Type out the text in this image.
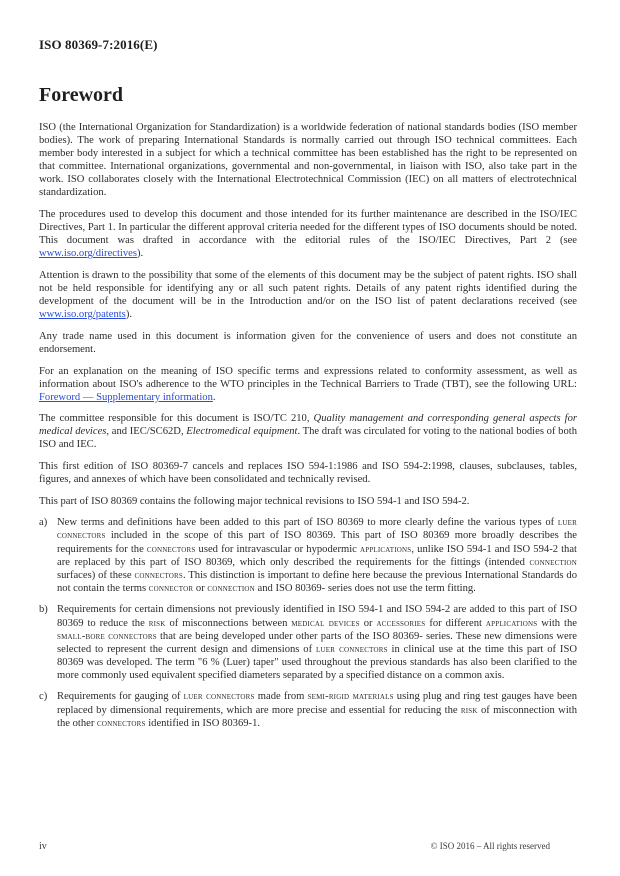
ISO 80369-7:2016(E)
Foreword

ISO (the International Organization for Standardization) is a worldwide federation of national standards bodies (ISO member bodies). The work of preparing International Standards is normally carried out through ISO technical committees. Each member body interested in a subject for which a technical committee has been established has the right to be represented on that committee. International organizations, governmental and non-governmental, in liaison with ISO, also take part in the work. ISO collaborates closely with the International Electrotechnical Commission (IEC) on all matters of electrotechnical standardization.

The procedures used to develop this document and those intended for its further maintenance are described in the ISO/IEC Directives, Part 1. In particular the different approval criteria needed for the different types of ISO documents should be noted. This document was drafted in accordance with the editorial rules of the ISO/IEC Directives, Part 2 (see www.iso.org/directives).

Attention is drawn to the possibility that some of the elements of this document may be the subject of patent rights. ISO shall not be held responsible for identifying any or all such patent rights. Details of any patent rights identified during the development of the document will be in the Introduction and/or on the ISO list of patent declarations received (see www.iso.org/patents).

Any trade name used in this document is information given for the convenience of users and does not constitute an endorsement.

For an explanation on the meaning of ISO specific terms and expressions related to conformity assessment, as well as information about ISO's adherence to the WTO principles in the Technical Barriers to Trade (TBT), see the following URL: Foreword — Supplementary information.

The committee responsible for this document is ISO/TC 210, Quality management and corresponding general aspects for medical devices, and IEC/SC62D, Electromedical equipment. The draft was circulated for voting to the national bodies of both ISO and IEC.

This first edition of ISO 80369-7 cancels and replaces ISO 594-1:1986 and ISO 594-2:1998, clauses, subclauses, tables, figures, and annexes of which have been consolidated and technically revised.

This part of ISO 80369 contains the following major technical revisions to ISO 594-1 and ISO 594-2.

a) New terms and definitions have been added to this part of ISO 80369 to more clearly define the various types of luer connectors included in the scope of this part of ISO 80369. This part of ISO 80369 more broadly describes the requirements for the connectors used for intravascular or hypodermic applications, unlike ISO 594-1 and ISO 594-2 that are replaced by this part of ISO 80369, which only described the requirements for the fittings (intended connection surfaces) of these connectors. This distinction is important to define here because the previous International Standards do not contain the terms connector or connection and ISO 80369- series does not use the term fitting.
b) Requirements for certain dimensions not previously identified in ISO 594-1 and ISO 594-2 are added to this part of ISO 80369 to reduce the risk of misconnections between medical devices or accessories for different applications with the small-bore connectors that are being developed under other parts of the ISO 80369- series. These new dimensions were selected to represent the current design and dimensions of luer connectors in clinical use at the time this part of ISO 80369 was developed. The term "6 % (Luer) taper" used throughout the previous standards has also been clarified to the more commonly used equivalent specified diameters separated by a specified distance on a common axis.
c) Requirements for gauging of luer connectors made from semi-rigid materials using plug and ring test gauges have been replaced by dimensional requirements, which are more precise and essential for reducing the risk of misconnection with the other connectors identified in ISO 80369-1.
iv	© ISO 2016 – All rights reserved
